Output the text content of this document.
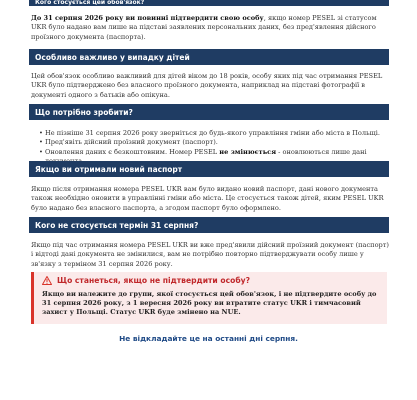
Кого стосується цей обов'язок?
До 31 серпня 2026 року ви повинні підтвердити свою особу, якщо номер PESEL зі статусом UKR було надано вам лише на підставі заявлених персональних даних, без пред'явлення дійсного проїзного документа (паспорта).
Особливо важливо у випадку дітей
Цей обов'язок особливо важливий для дітей віком до 18 років, особу яких під час отримання PESEL UKR було підтверджено без власного проїзного документа, наприклад на підставі фотографії в документі одного з батьків або опікуна.
Що потрібно зробити?
• Не пізніше 31 серпня 2026 року зверніться до будь-якого управління гміни або міста в Польщі.
• Пред'явіть дійсний проїзний документ (паспорт).
• Оновлення даних є безкоштовним. Номер PESEL не змінюється - оновлюються лише дані
Якщо ви отримали новий паспорт
Якщо після отримання номера PESEL UKR вам було видано новий паспорт, дані нового документа також необхідно оновити в управлінні гміни або міста. Це стосується також дітей, яким PESEL UKR було надано без власного паспорта, а згодом паспорт було оформлено.
Кого не стосується термін 31 серпня?
Якщо під час отримання номера PESEL UKR ви вже пред'явили дійсний проїзний документ (паспорт) і відтоді дані документа не змінилися, вам не потрібно повторно підтверджувати особу лише у зв'язку з терміном 31 серпня 2026 року.
Що станеться, якщо не підтвердити особу?
Якщо ви належите до групи, якої стосується цей обов'язок, і не підтвердите особу до 31 серпня 2026 року, з 1 вересня 2026 року ви втратите статус UKR і тимчасовий захист у Польщі. Статус UKR буде змінено на NUE.
Не відкладайте це на останні дні серпня.
